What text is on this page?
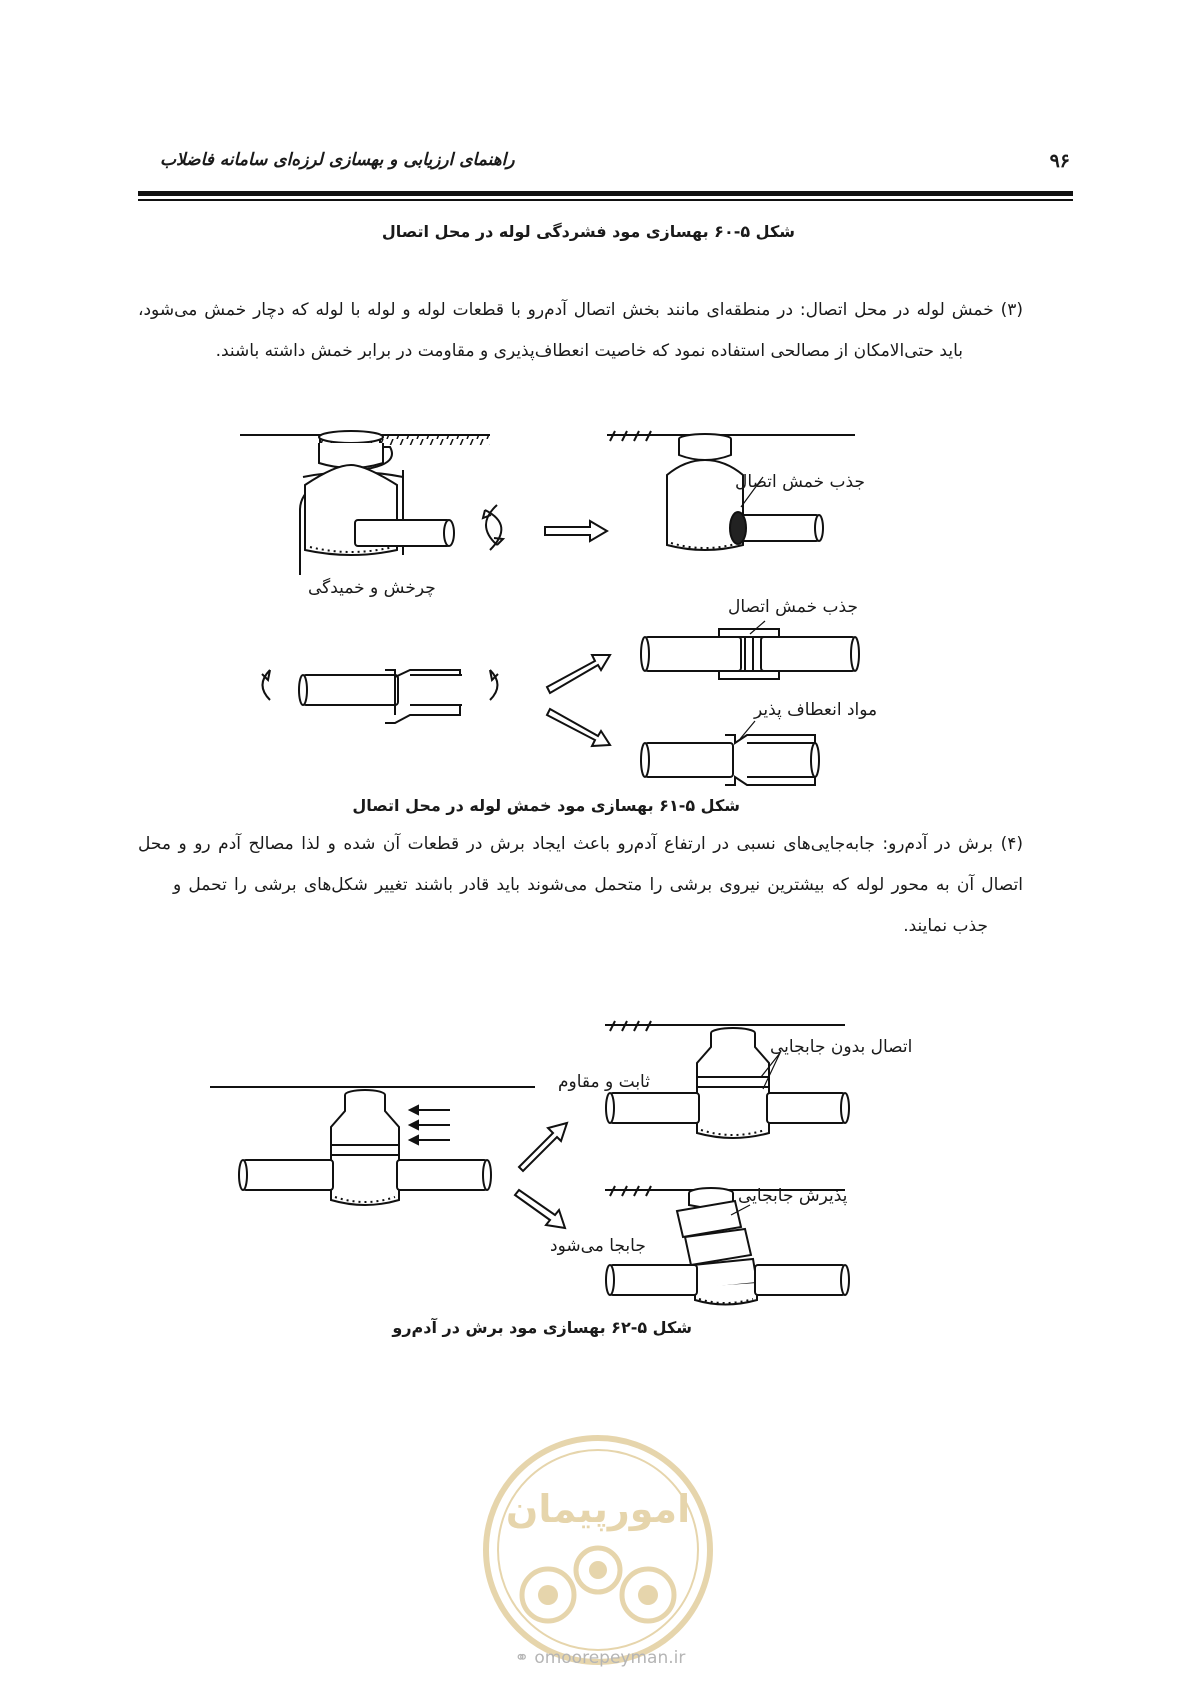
راهنمای ارزیابی و بهسازی لرزه‌ای سامانه فاضلاب	۹۶
شکل ۵-۶۰ بهسازی مود فشردگی لوله در محل اتصال
(۳) خمش لوله در محل اتصال: در منطقه‌ای مانند بخش اتصال آدم‌رو با قطعات لوله و لوله با لوله که دچار خمش می‌شود،
باید حتی‌الامکان از مصالحی استفاده نمود که خاصیت انعطاف‌پذیری و مقاومت در برابر خمش داشته باشند.
جذب خمش اتصال
چرخش و خمیدگی
جذب خمش اتصال
مواد انعطاف پذیر
شکل ۵-۶۱ بهسازی مود خمش لوله در محل اتصال
(۴) برش در آدم‌رو: جابه‌جایی‌های نسبی در ارتفاع آدم‌رو باعث ایجاد برش در قطعات آن شده و لذا مصالح آدم رو و محل
اتصال آن به محور لوله که بیشترین نیروی برشی را متحمل می‌شوند باید قادر باشند تغییر شکل‌های برشی را تحمل و
جذب نمایند.
اتصال بدون جابجایی
ثابت و مقاوم
پذیرش جابجایی
جابجا می‌شود
شکل ۵-۶۲ بهسازی مود برش در آدم‌رو
امورپیمان
⚭ omoorepeyman.ir
